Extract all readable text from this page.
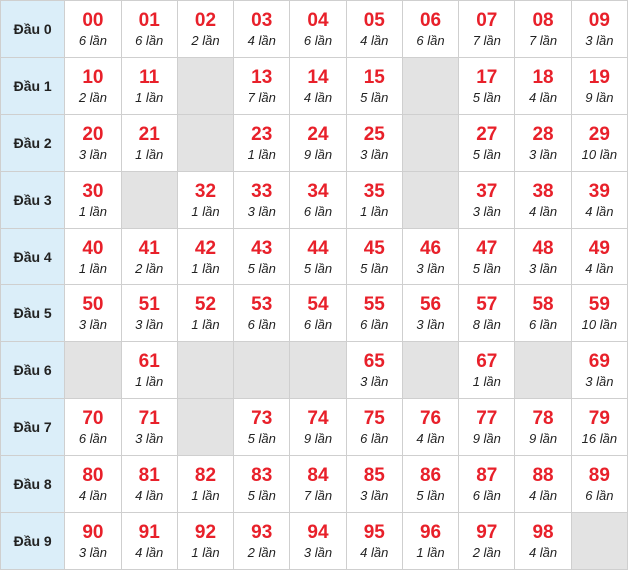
Đầu 0	00
6 lần	01
6 lần	02
2 lần	03
4 lần	04
6 lần	05
4 lần	06
6 lần	07
7 lần	08
7 lần	09
3 lần

Đầu 1	10
2 lần	11
1 lần		13
7 lần	14
4 lần	15
5 lần		17
5 lần	18
4 lần	19
9 lần

Đầu 2	20
3 lần	21
1 lần		23
1 lần	24
9 lần	25
3 lần		27
5 lần	28
3 lần	29
10 lần

Đầu 3	30
1 lần		32
1 lần	33
3 lần	34
6 lần	35
1 lần		37
3 lần	38
4 lần	39
4 lần

Đầu 4	40
1 lần	41
2 lần	42
1 lần	43
5 lần	44
5 lần	45
5 lần	46
3 lần	47
5 lần	48
3 lần	49
4 lần

Đầu 5	50
3 lần	51
3 lần	52
1 lần	53
6 lần	54
6 lần	55
6 lần	56
3 lần	57
8 lần	58
6 lần	59
10 lần

Đầu 6		61
1 lần				65
3 lần		67
1 lần		69
3 lần

Đầu 7	70
6 lần	71
3 lần		73
5 lần	74
9 lần	75
6 lần	76
4 lần	77
9 lần	78
9 lần	79
16 lần

Đầu 8	80
4 lần	81
4 lần	82
1 lần	83
5 lần	84
7 lần	85
3 lần	86
5 lần	87
6 lần	88
4 lần	89
6 lần

Đầu 9	90
3 lần	91
4 lần	92
1 lần	93
2 lần	94
3 lần	95
4 lần	96
1 lần	97
2 lần	98
4 lần	
